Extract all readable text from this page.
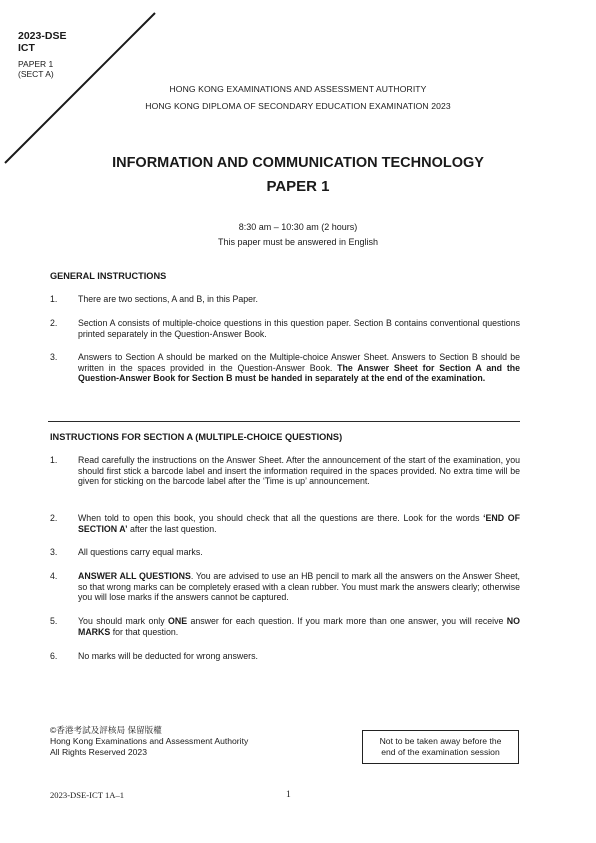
2023-DSE
ICT
PAPER 1
(SECT A)
HONG KONG EXAMINATIONS AND ASSESSMENT AUTHORITY
HONG KONG DIPLOMA OF SECONDARY EDUCATION EXAMINATION 2023
INFORMATION AND COMMUNICATION TECHNOLOGY
PAPER 1
8:30 am – 10:30 am (2 hours)
This paper must be answered in English
GENERAL INSTRUCTIONS
1. There are two sections, A and B, in this Paper.
2. Section A consists of multiple-choice questions in this question paper. Section B contains conventional questions printed separately in the Question-Answer Book.
3. Answers to Section A should be marked on the Multiple-choice Answer Sheet. Answers to Section B should be written in the spaces provided in the Question-Answer Book. The Answer Sheet for Section A and the Question-Answer Book for Section B must be handed in separately at the end of the examination.
INSTRUCTIONS FOR SECTION A (MULTIPLE-CHOICE QUESTIONS)
1. Read carefully the instructions on the Answer Sheet. After the announcement of the start of the examination, you should first stick a barcode label and insert the information required in the spaces provided. No extra time will be given for sticking on the barcode label after the ‘Time is up’ announcement.
2. When told to open this book, you should check that all the questions are there. Look for the words ‘END OF SECTION A’ after the last question.
3. All questions carry equal marks.
4. ANSWER ALL QUESTIONS. You are advised to use an HB pencil to mark all the answers on the Answer Sheet, so that wrong marks can be completely erased with a clean rubber. You must mark the answers clearly; otherwise you will lose marks if the answers cannot be captured.
5. You should mark only ONE answer for each question. If you mark more than one answer, you will receive NO MARKS for that question.
6. No marks will be deducted for wrong answers.
©香港考試及評核局 保留版權
Hong Kong Examinations and Assessment Authority
All Rights Reserved 2023
Not to be taken away before the
end of the examination session
2023-DSE-ICT 1A–1	1
